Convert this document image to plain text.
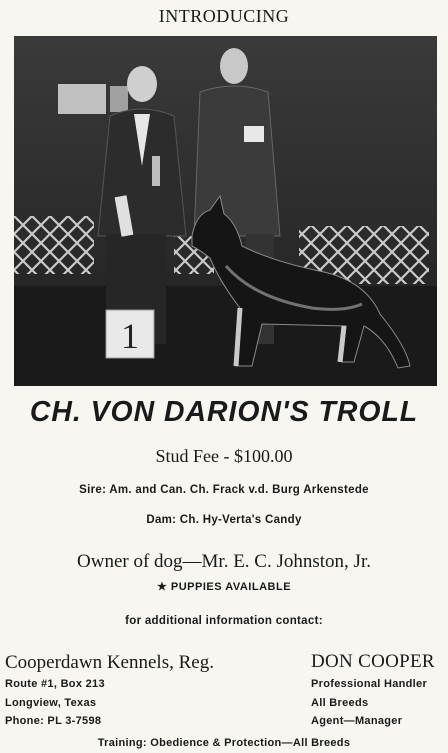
INTRODUCING
1
CH. VON DARION'S TROLL
Stud Fee - $100.00
Sire: Am. and Can. Ch. Frack v.d. Burg Arkenstede
Dam: Ch. Hy-Verta's Candy
Owner of dog—Mr. E. C. Johnston, Jr.
★ PUPPIES AVAILABLE
for additional information contact:
Cooperdawn Kennels, Reg.
Route #1, Box 213
Longview, Texas
Phone: PL 3-7598
DON COOPER
Professional Handler
All Breeds
Agent—Manager
Training: Obedience & Protection—All Breeds
